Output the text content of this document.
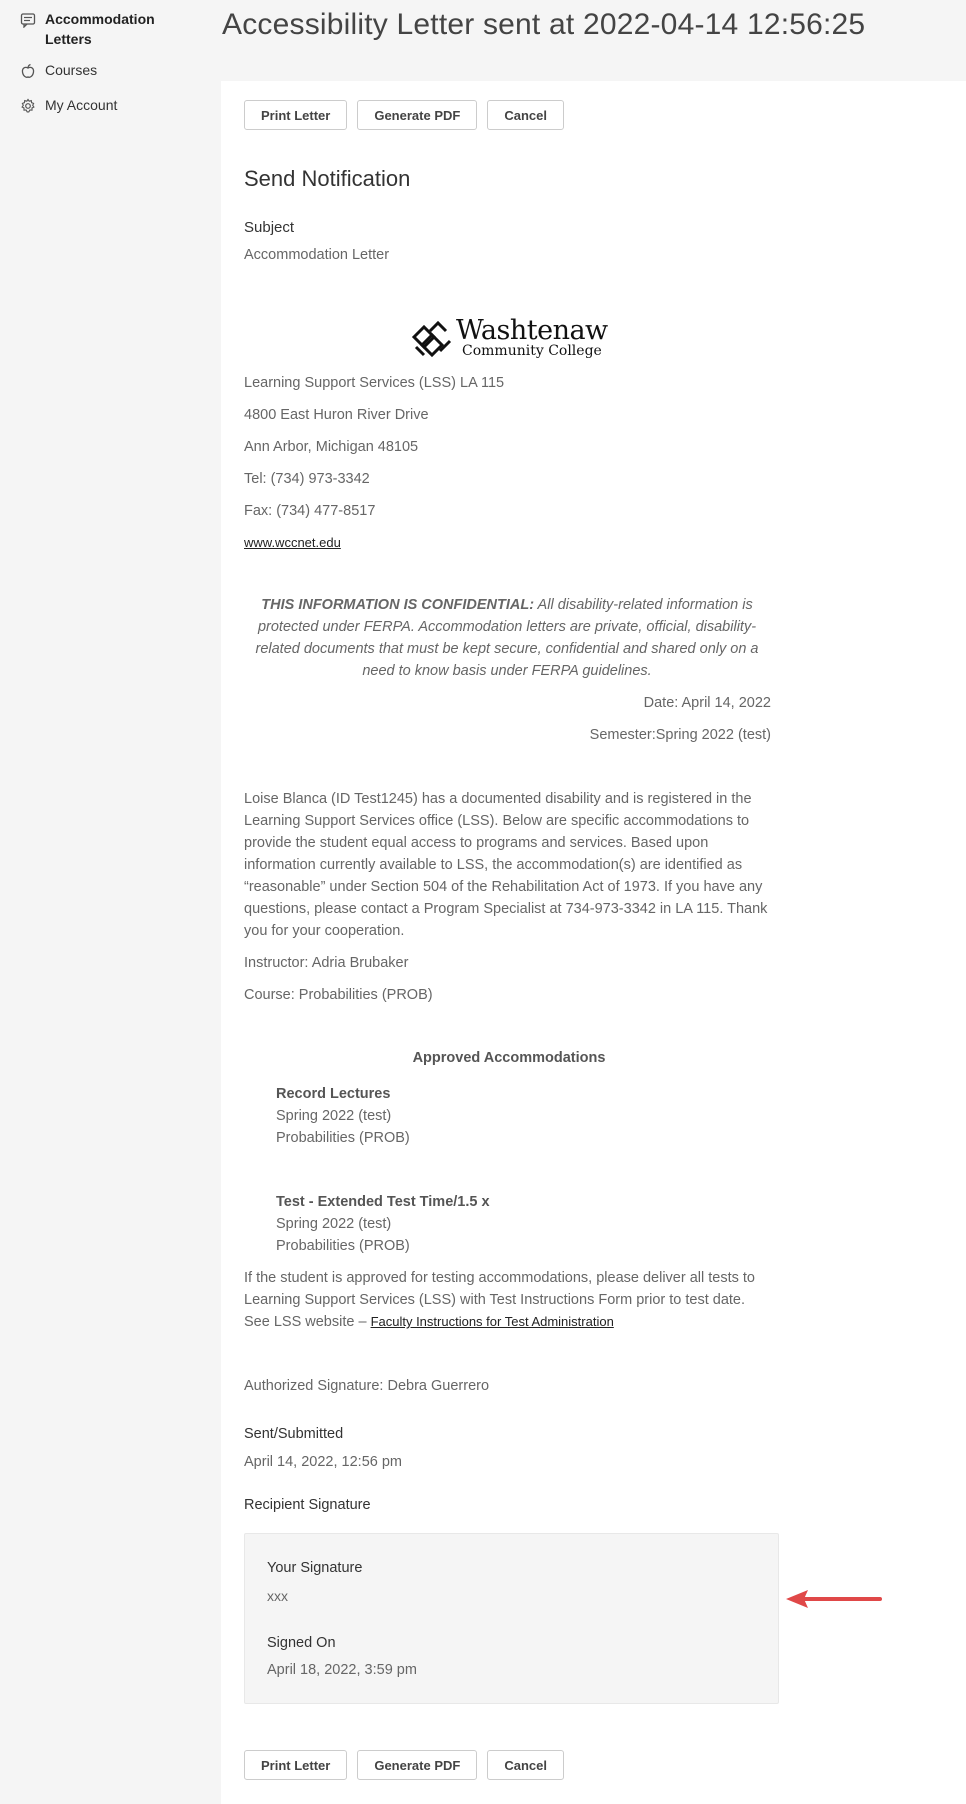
Accommodation Letters
Courses
My Account
Accessibility Letter sent at 2022-04-14 12:56:25
Print Letter	Generate PDF	Cancel
Send Notification
Subject
Accommodation Letter
Washtenaw
Community College
Learning Support Services (LSS) LA 115
4800 East Huron River Drive
Ann Arbor, Michigan 48105
Tel: (734) 973-3342
Fax: (734) 477-8517
www.wccnet.edu
THIS INFORMATION IS CONFIDENTIAL: All disability-related information is protected under FERPA. Accommodation letters are private, official, disability-related documents that must be kept secure, confidential and shared only on a need to know basis under FERPA guidelines.
Date: April 14, 2022
Semester:Spring 2022 (test)
Loise Blanca (ID Test1245) has a documented disability and is registered in the Learning Support Services office (LSS). Below are specific accommodations to provide the student equal access to programs and services. Based upon information currently available to LSS, the accommodation(s) are identified as “reasonable” under Section 504 of the Rehabilitation Act of 1973. If you have any questions, please contact a Program Specialist at 734-973-3342 in LA 115. Thank you for your cooperation.
Instructor: Adria Brubaker
Course: Probabilities (PROB)
Approved Accommodations
Record Lectures
Spring 2022 (test)
Probabilities (PROB)
Test - Extended Test Time/1.5 x
Spring 2022 (test)
Probabilities (PROB)
If the student is approved for testing accommodations, please deliver all tests to Learning Support Services (LSS) with Test Instructions Form prior to test date. See LSS website – Faculty Instructions for Test Administration
Authorized Signature: Debra Guerrero
Sent/Submitted
April 14, 2022, 12:56 pm
Recipient Signature
Your Signature
xxx
Signed On
April 18, 2022, 3:59 pm
Print Letter	Generate PDF	Cancel
